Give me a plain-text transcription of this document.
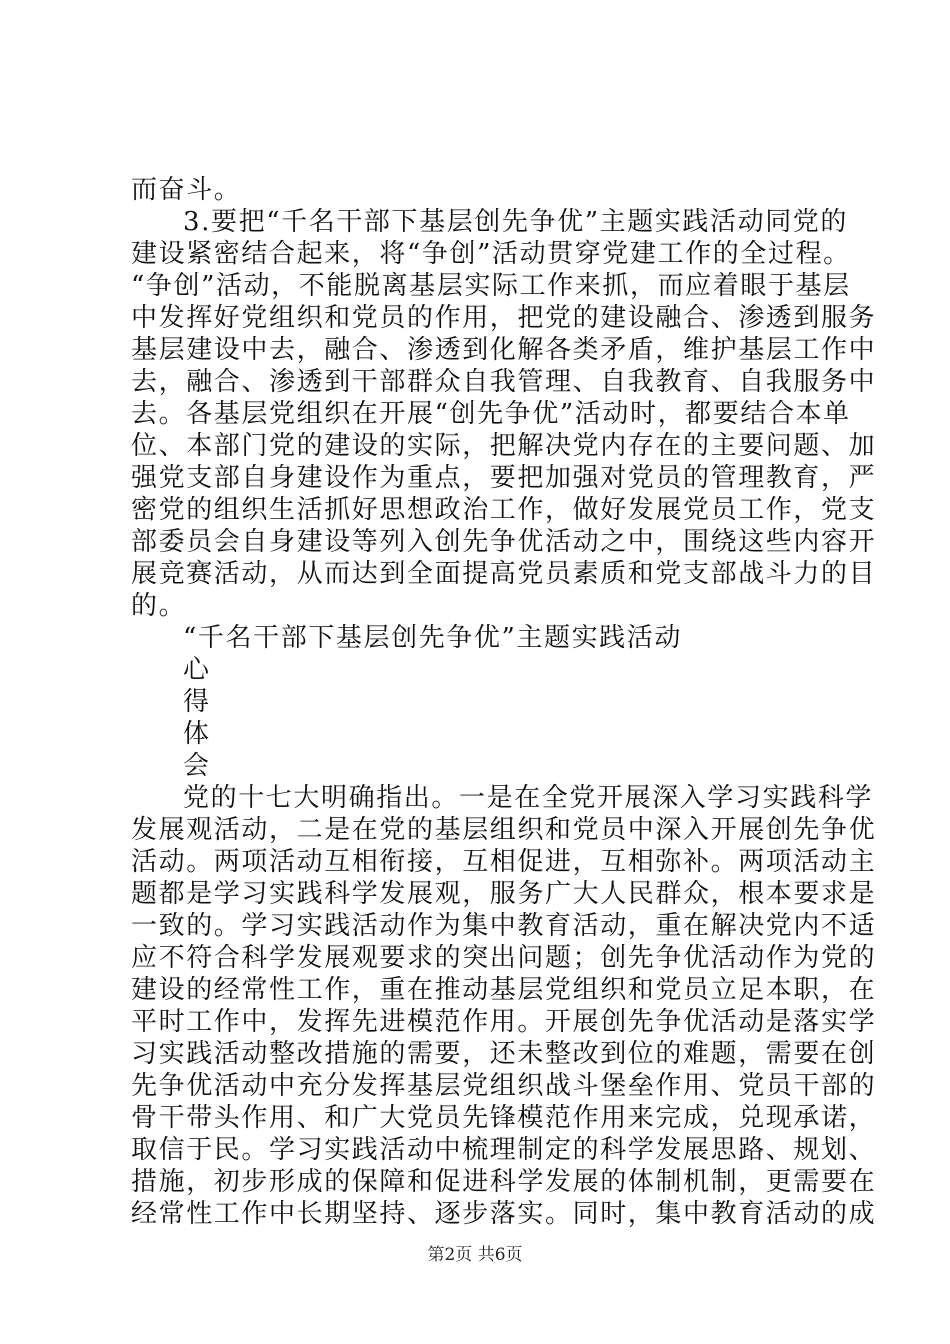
而奋斗。
3.要把“千名干部下基层创先争优”主题实践活动同党的
建设紧密结合起来，将“争创”活动贯穿党建工作的全过程。
“争创”活动，不能脱离基层实际工作来抓，而应着眼于基层
中发挥好党组织和党员的作用，把党的建设融合、渗透到服务
基层建设中去，融合、渗透到化解各类矛盾，维护基层工作中
去，融合、渗透到干部群众自我管理、自我教育、自我服务中
去。各基层党组织在开展“创先争优”活动时，都要结合本单
位、本部门党的建设的实际，把解决党内存在的主要问题、加
强党支部自身建设作为重点，要把加强对党员的管理教育，严
密党的组织生活抓好思想政治工作，做好发展党员工作，党支
部委员会自身建设等列入创先争优活动之中，围绕这些内容开
展竞赛活动，从而达到全面提高党员素质和党支部战斗力的目
的。
“千名干部下基层创先争优”主题实践活动
心
得
体
会
党的十七大明确指出。一是在全党开展深入学习实践科学
发展观活动，二是在党的基层组织和党员中深入开展创先争优
活动。两项活动互相衔接，互相促进，互相弥补。两项活动主
题都是学习实践科学发展观，服务广大人民群众，根本要求是
一致的。学习实践活动作为集中教育活动，重在解决党内不适
应不符合科学发展观要求的突出问题；创先争优活动作为党的
建设的经常性工作，重在推动基层党组织和党员立足本职，在
平时工作中，发挥先进模范作用。开展创先争优活动是落实学
习实践活动整改措施的需要，还未整改到位的难题，需要在创
先争优活动中充分发挥基层党组织战斗堡垒作用、党员干部的
骨干带头作用、和广大党员先锋模范作用来完成，兑现承诺，
取信于民。学习实践活动中梳理制定的科学发展思路、规划、
措施，初步形成的保障和促进科学发展的体制机制，更需要在
经常性工作中长期坚持、逐步落实。同时，集中教育活动的成
第2页 共6页
